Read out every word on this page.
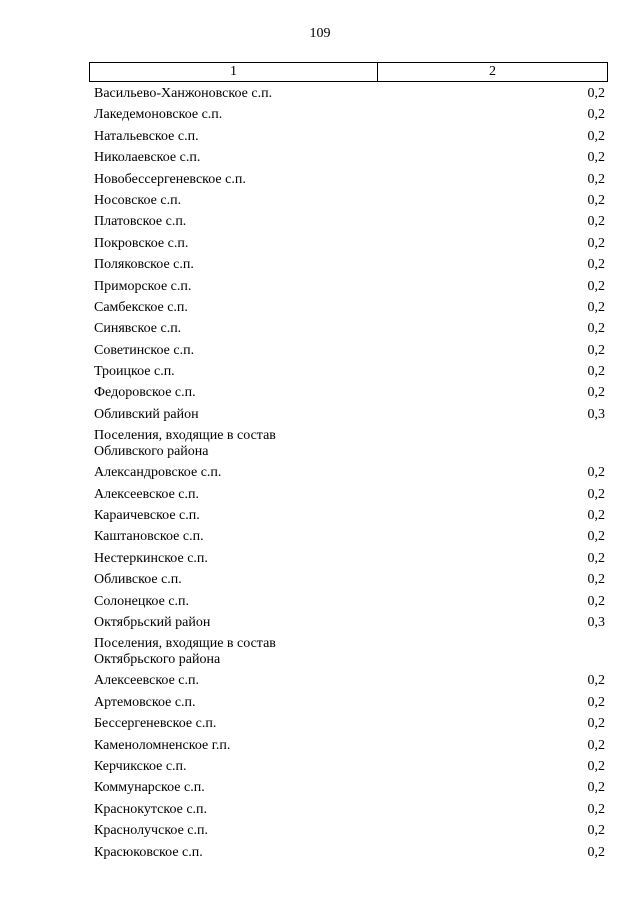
109
1	2
Васильево-Ханжоновское с.п.	0,2
Лакедемоновское с.п.	0,2
Натальевское с.п.	0,2
Николаевское с.п.	0,2
Новобессергеневское с.п.	0,2
Носовское с.п.	0,2
Платовское с.п.	0,2
Покровское с.п.	0,2
Поляковское с.п.	0,2
Приморское с.п.	0,2
Самбекское с.п.	0,2
Синявское с.п.	0,2
Советинское с.п.	0,2
Троицкое с.п.	0,2
Федоровское с.п.	0,2
Обливский район	0,3
Поселения, входящие в состав
Обливского района
Александровское с.п.	0,2
Алексеевское с.п.	0,2
Караичевское с.п.	0,2
Каштановское с.п.	0,2
Нестеркинское с.п.	0,2
Обливское с.п.	0,2
Солонецкое с.п.	0,2
Октябрьский район	0,3
Поселения, входящие в состав
Октябрьского района
Алексеевское с.п.	0,2
Артемовское с.п.	0,2
Бессергеневское с.п.	0,2
Каменоломненское г.п.	0,2
Керчикское с.п.	0,2
Коммунарское с.п.	0,2
Краснокутское с.п.	0,2
Краснолучское с.п.	0,2
Красюковское с.п.	0,2
